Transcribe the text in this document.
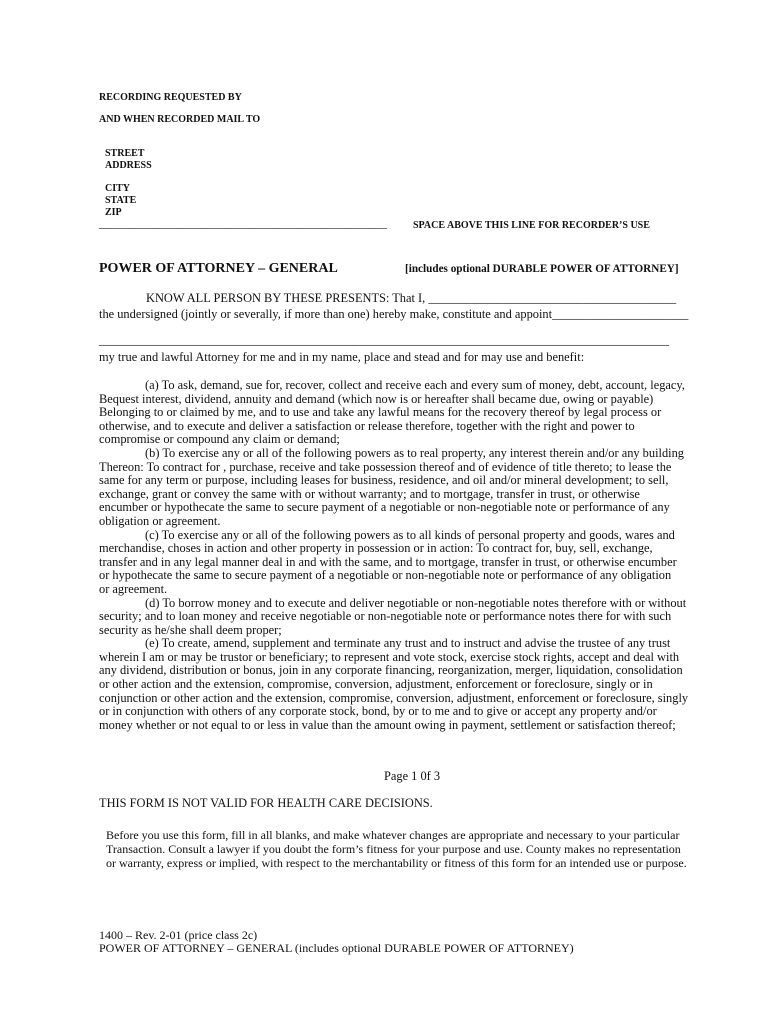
RECORDING REQUESTED BY
AND WHEN RECORDED MAIL TO
STREET
ADDRESS
CITY
STATE
ZIP
________________________________________________	SPACE ABOVE THIS LINE FOR RECORDER’S USE
POWER OF ATTORNEY – GENERAL	[includes optional DURABLE POWER OF ATTORNEY]
KNOW ALL PERSON BY THESE PRESENTS: That I, ________________________________________
the undersigned (jointly or severally, if more than one) hereby make, constitute and appoint______________________
____________________________________________________________________________________________
my true and lawful Attorney for me and in my name, place and stead and for may use and benefit:

(a) To ask, demand, sue for, recover, collect and receive each and every sum of money, debt, account, legacy,

Bequest interest, dividend, annuity and demand (which now is or hereafter shall became due, owing or payable)

Belonging to or claimed by me, and to use and take any lawful means for the recovery thereof by legal process or

otherwise, and to execute and deliver a satisfaction or release therefore, together with the right and power to

compromise or compound any claim or demand;

(b) To exercise any or all of the following powers as to real property, any interest therein and/or any building

Thereon: To contract for , purchase, receive and take possession thereof and of evidence of title thereto; to lease the

same for any term or purpose, including leases for business, residence, and oil and/or mineral development; to sell,

exchange, grant or convey the same with or without warranty; and to mortgage, transfer in trust, or otherwise

encumber or hypothecate the same to secure payment of a negotiable or non-negotiable note or performance of any

obligation or agreement.

(c) To exercise any or all of the following powers as to all kinds of personal property and goods, wares and

merchandise, choses in action and other property in possession or in action: To contract for, buy, sell, exchange,

transfer and in any legal manner deal in and with the same, and to mortgage, transfer in trust, or otherwise encumber

or hypothecate the same to secure payment of a negotiable or non-negotiable note or performance of any obligation

or agreement.

(d) To borrow money and to execute and deliver negotiable or non-negotiable notes therefore with or without

security; and to loan money and receive negotiable or non-negotiable note or performance notes there for with such

security as he/she shall deem proper;

(e) To create, amend, supplement and terminate any trust and to instruct and advise the trustee of any trust

wherein I am or may be trustor or beneficiary; to represent and vote stock, exercise stock rights, accept and deal with

any dividend, distribution or bonus, join in any corporate financing, reorganization, merger, liquidation, consolidation

or other action and the extension, compromise, conversion, adjustment, enforcement or foreclosure, singly or in

conjunction or other action and the extension, compromise, conversion, adjustment, enforcement or foreclosure, singly

or in conjunction with others of any corporate stock, bond, by or to me and to give or accept any property and/or

money whether or not equal to or less in value than the amount owing in payment, settlement or satisfaction thereof;

Page 1 0f 3
THIS FORM IS NOT VALID FOR HEALTH CARE DECISIONS.

Before you use this form, fill in all blanks, and make whatever changes are appropriate and necessary to your particular

Transaction. Consult a lawyer if you doubt the form’s fitness for your purpose and use. County makes no representation

or warranty, express or implied, with respect to the merchantability or fitness of this form for an intended use or purpose.

1400 – Rev. 2-01 (price class 2c)
POWER OF ATTORNEY – GENERAL (includes optional DURABLE POWER OF ATTORNEY)
